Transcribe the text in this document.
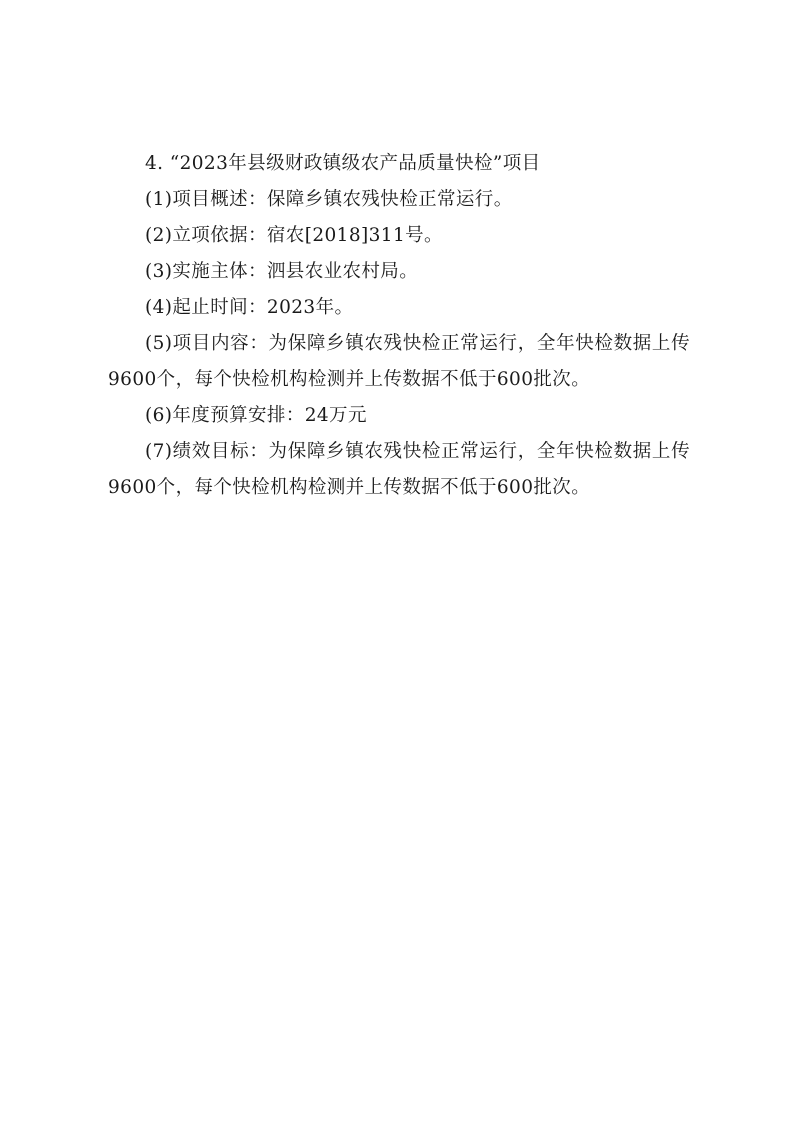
4. “2023年县级财政镇级农产品质量快检”项目

(1)项目概述：保障乡镇农残快检正常运行。

(2)立项依据：宿农[2018]311号。

(3)实施主体：泗县农业农村局。

(4)起止时间：2023年。

(5)项目内容：为保障乡镇农残快检正常运行，全年快检数据上传9600个，每个快检机构检测并上传数据不低于600批次。

(6)年度预算安排：24万元

(7)绩效目标：为保障乡镇农残快检正常运行，全年快检数据上传9600个，每个快检机构检测并上传数据不低于600批次。
